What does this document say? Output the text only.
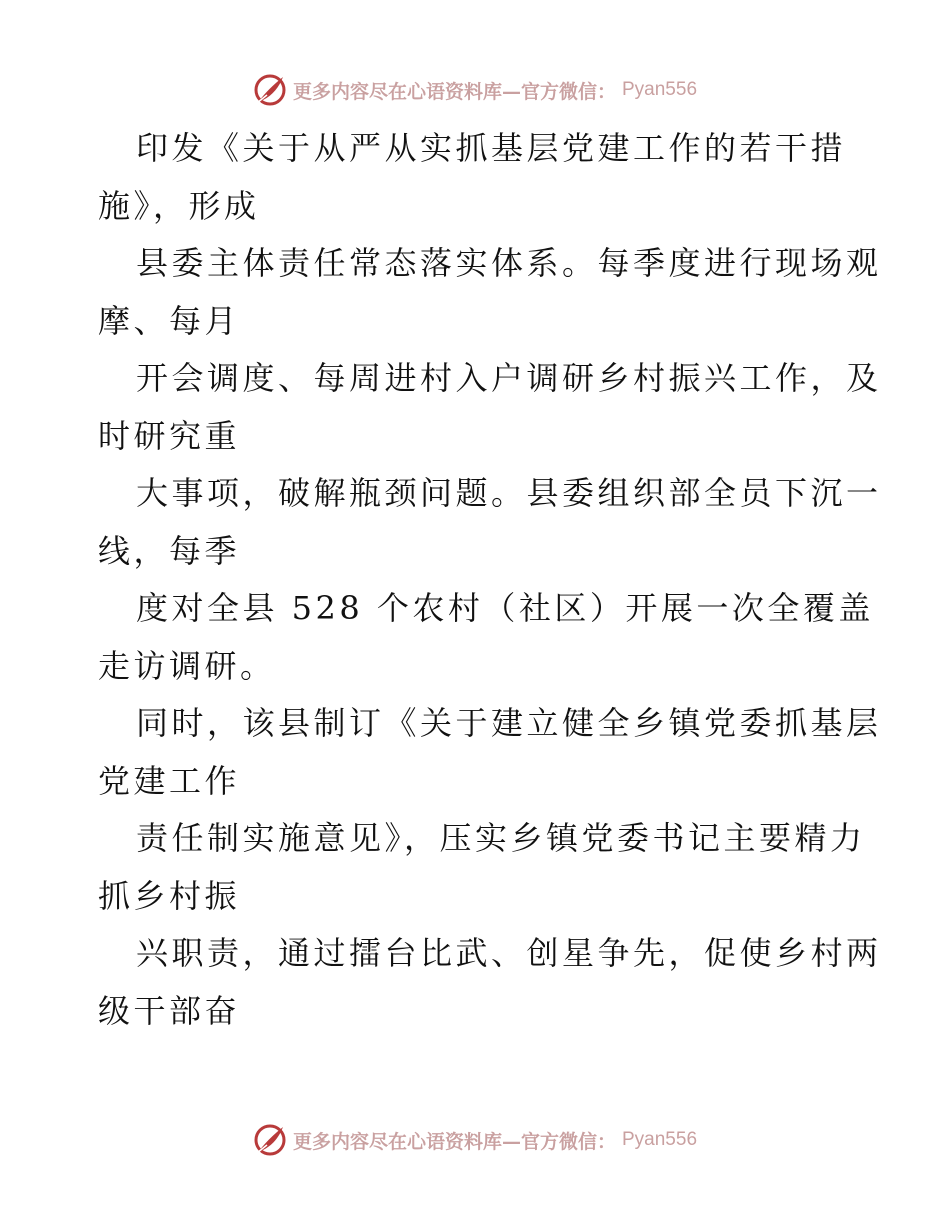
更多内容尽在心语资料库—官方微信： Pyan556
印发《关于从严从实抓基层党建工作的若干措
施》，形成
县委主体责任常态落实体系。每季度进行现场观
摩、每月
开会调度、每周进村入户调研乡村振兴工作，及
时研究重
大事项，破解瓶颈问题。县委组织部全员下沉一
线，每季
度对全县 528 个农村（社区）开展一次全覆盖
走访调研。
同时，该县制订《关于建立健全乡镇党委抓基层
党建工作
责任制实施意见》，压实乡镇党委书记主要精力
抓乡村振
兴职责，通过擂台比武、创星争先，促使乡村两
级干部奋
更多内容尽在心语资料库—官方微信： Pyan556
